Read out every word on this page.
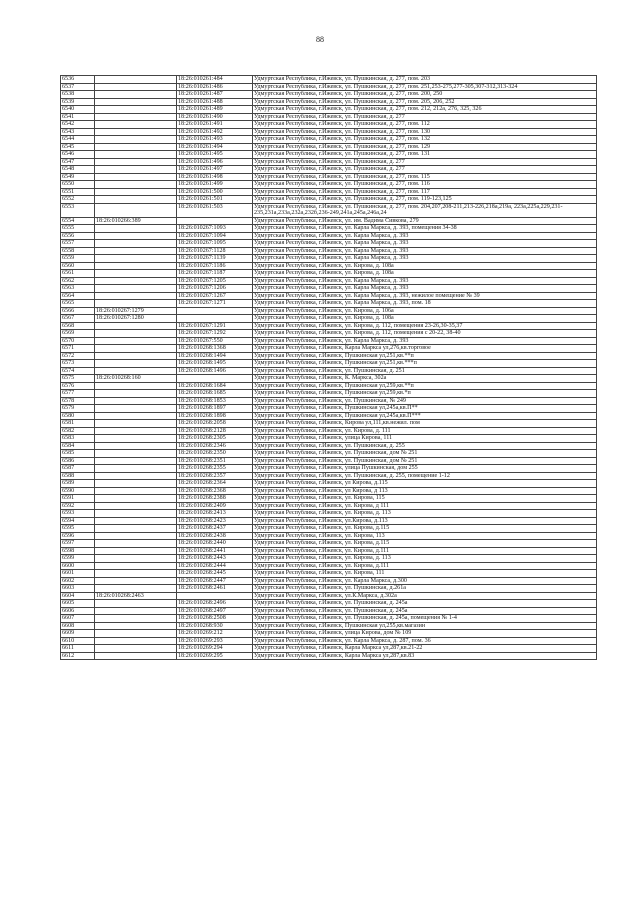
88
6536		18:26:010261:484	Удмуртская Республика, г.Ижевск, ул. Пушкинская, д. 277, пом. 203
6537		18:26:010261:486	Удмуртская Республика, г.Ижевск, ул. Пушкинская, д. 277, пом. 251,253-275,277-305,307-312,313-324
6538		18:26:010261:487	Удмуртская Республика, г.Ижевск, ул. Пушкинская, д. 277, пом. 200, 250
6539		18:26:010261:488	Удмуртская Республика, г.Ижевск, ул. Пушкинская, д. 277, пом. 205, 206, 252
6540		18:26:010261:489	Удмуртская Республика, г.Ижевск, ул. Пушкинская, д. 277, пом. 212, 212а, 276, 325, 326
6541		18:26:010261:490	Удмуртская Республика, г.Ижевск, ул. Пушкинская, д. 277
6542		18:26:010261:491	Удмуртская Республика, г.Ижевск, ул. Пушкинская, д. 277, пом. 112
6543		18:26:010261:492	Удмуртская Республика, г.Ижевск, ул. Пушкинская, д. 277, пом. 130
6544		18:26:010261:493	Удмуртская Республика, г.Ижевск, ул. Пушкинская, д. 277, пом. 132
6545		18:26:010261:494	Удмуртская Республика, г.Ижевск, ул. Пушкинская, д. 277, пом. 129
6546		18:26:010261:495	Удмуртская Республика, г.Ижевск, ул. Пушкинская, д. 277, пом. 131
6547		18:26:010261:496	Удмуртская Республика, г.Ижевск, ул. Пушкинская, д. 277
6548		18:26:010261:497	Удмуртская Республика, г.Ижевск, ул. Пушкинская, д. 277
6549		18:26:010261:498	Удмуртская Республика, г.Ижевск, ул. Пушкинская, д. 277, пом. 115
6550		18:26:010261:499	Удмуртская Республика, г.Ижевск, ул. Пушкинская, д. 277, пом. 116
6551		18:26:010261:500	Удмуртская Республика, г.Ижевск, ул. Пушкинская, д. 277, пом. 117
6552		18:26:010261:501	Удмуртская Республика, г.Ижевск, ул. Пушкинская, д. 277, пом. 119-123,125
6553		18:26:010261:503	Удмуртская Республика, г.Ижевск, ул. Пушкинская, д. 277, пом. 204,207,208-211,213-226,218а,219а, 223а,225а,229,231-235,231а,233а,232а,232б,236-249,241а,245а,246а,24
6554	18:26:010266:389		Удмуртская Республика, г.Ижевск, ул. им. Вадима Сивкова, 279
6555		18:26:010267:1093	Удмуртская Республика, г.Ижевск, ул. Карла Маркса, д. 393, помещения 34-38
6556		18:26:010267:1094	Удмуртская Республика, г.Ижевск, ул. Карла Маркса, д. 393
6557		18:26:010267:1095	Удмуртская Республика, г.Ижевск, ул. Карла Маркса, д. 393
6558		18:26:010267:1128	Удмуртская Республика, г.Ижевск, ул. Карла Маркса, д. 393
6559		18:26:010267:1139	Удмуртская Республика, г.Ижевск, ул. Карла Маркса, д. 393
6560		18:26:010267:1186	Удмуртская Республика, г.Ижевск, ул. Кирова, д. 108а
6561		18:26:010267:1187	Удмуртская Республика, г.Ижевск, ул. Кирова, д. 108а
6562		18:26:010267:1205	Удмуртская Республика, г.Ижевск, ул. Карла Маркса, д. 393
6563		18:26:010267:1206	Удмуртская Республика, г.Ижевск, ул. Карла Маркса, д. 393
6564		18:26:010267:1267	Удмуртская Республика, г.Ижевск, ул. Карла Маркса, д. 393, нежилое помещение № 39
6565		18:26:010267:1271	Удмуртская Республика, г.Ижевск, ул. Карла Маркса, д. 393, пом. 18
6566	18:26:010267:1279		Удмуртская Республика, г.Ижевск, ул. Кирова, д. 106а
6567	18:26:010267:1280		Удмуртская Республика, г.Ижевск, ул. Кирова, д. 108а
6568		18:26:010267:1291	Удмуртская Республика, г.Ижевск, ул. Кирова, д. 112, помещения 23-26,30-35,37
6569		18:26:010267:1292	Удмуртская Республика, г.Ижевск, ул. Кирова, д. 112, помещения с 20-22, 38-40
6570		18:26:010267:550	Удмуртская Республика, г.Ижевск, ул. Карла Маркса, д. 393
6571		18:26:010268:1368	Удмуртская Республика, г.Ижевск, Карла Маркса ул,276,кв.торговое
6572		18:26:010268:1494	Удмуртская Республика, г.Ижевск, Пушкинская ул,251,кв.**п
6573		18:26:010268:1495	Удмуртская Республика, г.Ижевск, Пушкинская ул,251,кв.***п
6574		18:26:010268:1496	Удмуртская Республика, г.Ижевск, ул. Пушкинская, д. 251
6575	18:26:010268:160		Удмуртская Республика, г.Ижевск, К. Маркса, 302а
6576		18:26:010268:1684	Удмуртская Республика, г.Ижевск, Пушкинская ул,259,кв.**п
6577		18:26:010268:1685	Удмуртская Республика, г.Ижевск, Пушкинская ул,259,кв.*п
6578		18:26:010268:1853	Удмуртская Республика, г.Ижевск, ул. Пушкинская, № 249
6579		18:26:010268:1897	Удмуртская Республика, г.Ижевск, Пушкинская ул,245а,кв.П**
6580		18:26:010268:1898	Удмуртская Республика, г.Ижевск, Пушкинская ул,245а,кв.П***
6581		18:26:010268:2058	Удмуртская Республика, г.Ижевск, Кирова ул,111,кв.нежил. пом
6582		18:26:010268:2128	Удмуртская Республика, г.Ижевск, ул. Кирова, д. 111
6583		18:26:010268:2305	Удмуртская Республика, г.Ижевск, улица Кирова, 111
6584		18:26:010268:2346	Удмуртская Республика, г.Ижевск, ул. Пушкинская, д. 255
6585		18:26:010268:2350	Удмуртская Республика, г.Ижевск, ул. Пушкинская, дом № 251
6586		18:26:010268:2351	Удмуртская Республика, г.Ижевск, ул. Пушкинская, дом № 251
6587		18:26:010268:2355	Удмуртская Республика, г.Ижевск, улица Пушкинская, дом 255
6588		18:26:010268:2357	Удмуртская Республика, г.Ижевск, ул. Пушкинская, д. 255, помещение 1-12
6589		18:26:010268:2364	Удмуртская Республика, г.Ижевск, ул Кирова, д.115
6590		18:26:010268:2368	Удмуртская Республика, г.Ижевск, ул Кирова, д 113
6591		18:26:010268:2388	Удмуртская Республика, г.Ижевск, ул. Кирова, 115
6592		18:26:010268:2409	Удмуртская Республика, г.Ижевск, ул. Кирова, д 111
6593		18:26:010268:2413	Удмуртская Республика, г.Ижевск, ул. Кирова, д. 113
6594		18:26:010268:2423	Удмуртская Республика, г.Ижевск, ул.Кирова, д.113
6595		18:26:010268:2437	Удмуртская Республика, г.Ижевск, ул. Кирова, д.115
6596		18:26:010268:2438	Удмуртская Республика, г.Ижевск, ул. Кирова, 113
6597		18:26:010268:2440	Удмуртская Республика, г.Ижевск, ул. Кирова, д.115
6598		18:26:010268:2441	Удмуртская Республика, г.Ижевск, ул. Кирова, д.111
6599		18:26:010268:2443	Удмуртская Республика, г.Ижевск, ул. Кирова, д. 113
6600		18:26:010268:2444	Удмуртская Республика, г.Ижевск, ул. Кирова, д.111
6601		18:26:010268:2445	Удмуртская Республика, г.Ижевск, ул. Кирова, 111
6602		18:26:010268:2447	Удмуртская Республика, г.Ижевск, ул. Карла Маркса, д.300
6603		18:26:010268:2461	Удмуртская Республика, г.Ижевск, ул. Пушкинская, д.261а
6604	18:26:010268:2463		Удмуртская Республика, г.Ижевск, ул.К.Маркса, д.302а
6605		18:26:010268:2496	Удмуртская Республика, г.Ижевск, ул. Пушкинская, д. 245а
6606		18:26:010268:2497	Удмуртская Республика, г.Ижевск, ул. Пушкинская, д. 245а
6607		18:26:010268:2508	Удмуртская Республика, г.Ижевск, ул. Пушкинская, д. 245а, помещения № 1-4
6608		18:26:010268:930	Удмуртская Республика, г.Ижевск, Пушкинская ул,255,кв.магазин
6609		18:26:010269:212	Удмуртская Республика, г.Ижевск, улица Кирова, дом № 109
6610		18:26:010269:293	Удмуртская Республика, г.Ижевск, ул. Карла Маркса, д. 287, пом. 36
6611		18:26:010269:294	Удмуртская Республика, г.Ижевск, Карла Маркса ул,287,кв.21-22
6612		18:26:010269:295	Удмуртская Республика, г.Ижевск, Карла Маркса ул,287,кв.83
